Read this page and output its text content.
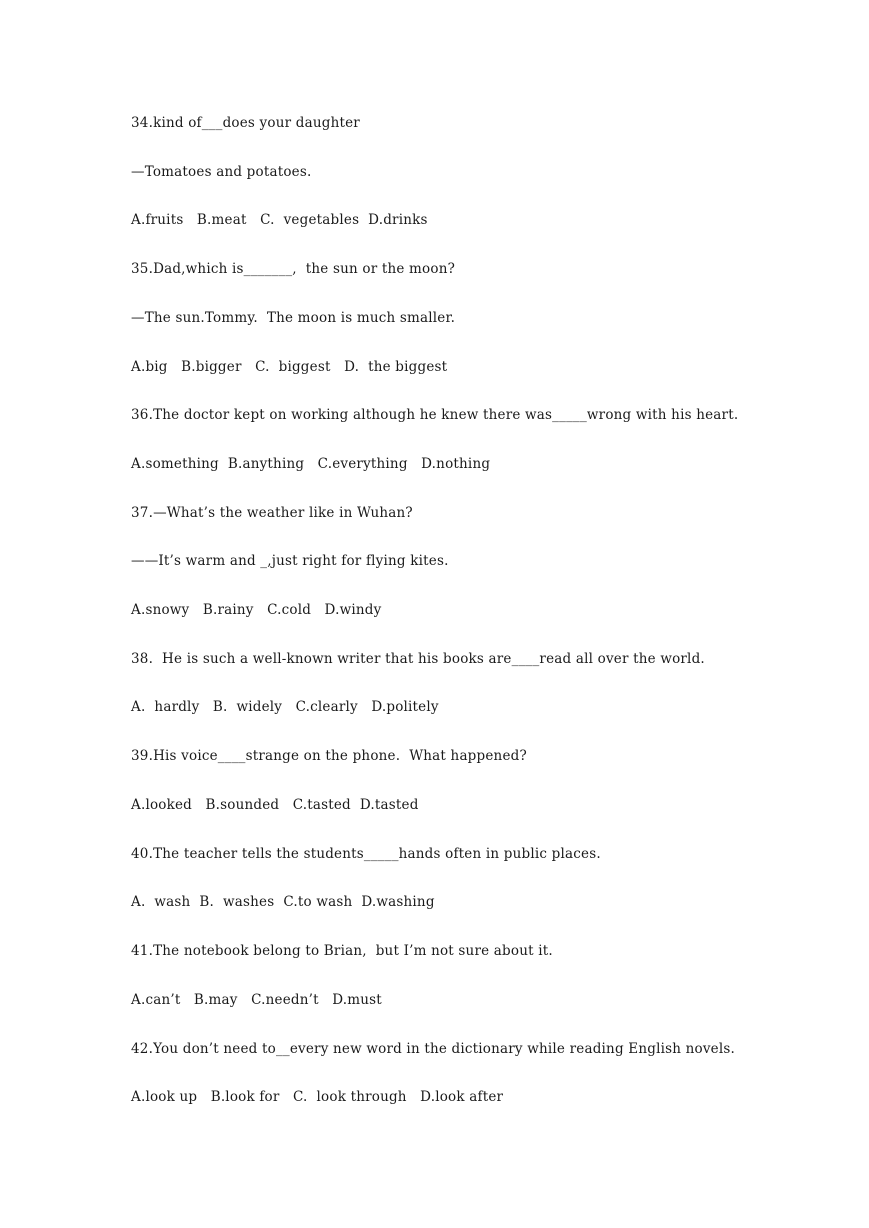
34.kind of___does your daughter
—Tomatoes and potatoes.
A.fruits   B.meat   C.  vegetables  D.drinks
35.Dad,which is_______,  the sun or the moon?
—The sun.Tommy.  The moon is much smaller.
A.big   B.bigger   C.  biggest   D.  the biggest
36.The doctor kept on working although he knew there was_____wrong with his heart.
A.something  B.anything   C.everything   D.nothing
37.—What’s the weather like in Wuhan?
——It’s warm and _,just right for flying kites.
A.snowy   B.rainy   C.cold   D.windy
38.  He is such a well-known writer that his books are____read all over the world.
A.  hardly   B.  widely   C.clearly   D.politely
39.His voice____strange on the phone.  What happened?
A.looked   B.sounded   C.tasted  D.tasted
40.The teacher tells the students_____hands often in public places.
A.  wash  B.  washes  C.to wash  D.washing
41.The notebook belong to Brian,  but I’m not sure about it.
A.can’t   B.may   C.needn’t   D.must
42.You don’t need to__every new word in the dictionary while reading English novels.
A.look up   B.look for   C.  look through   D.look after
